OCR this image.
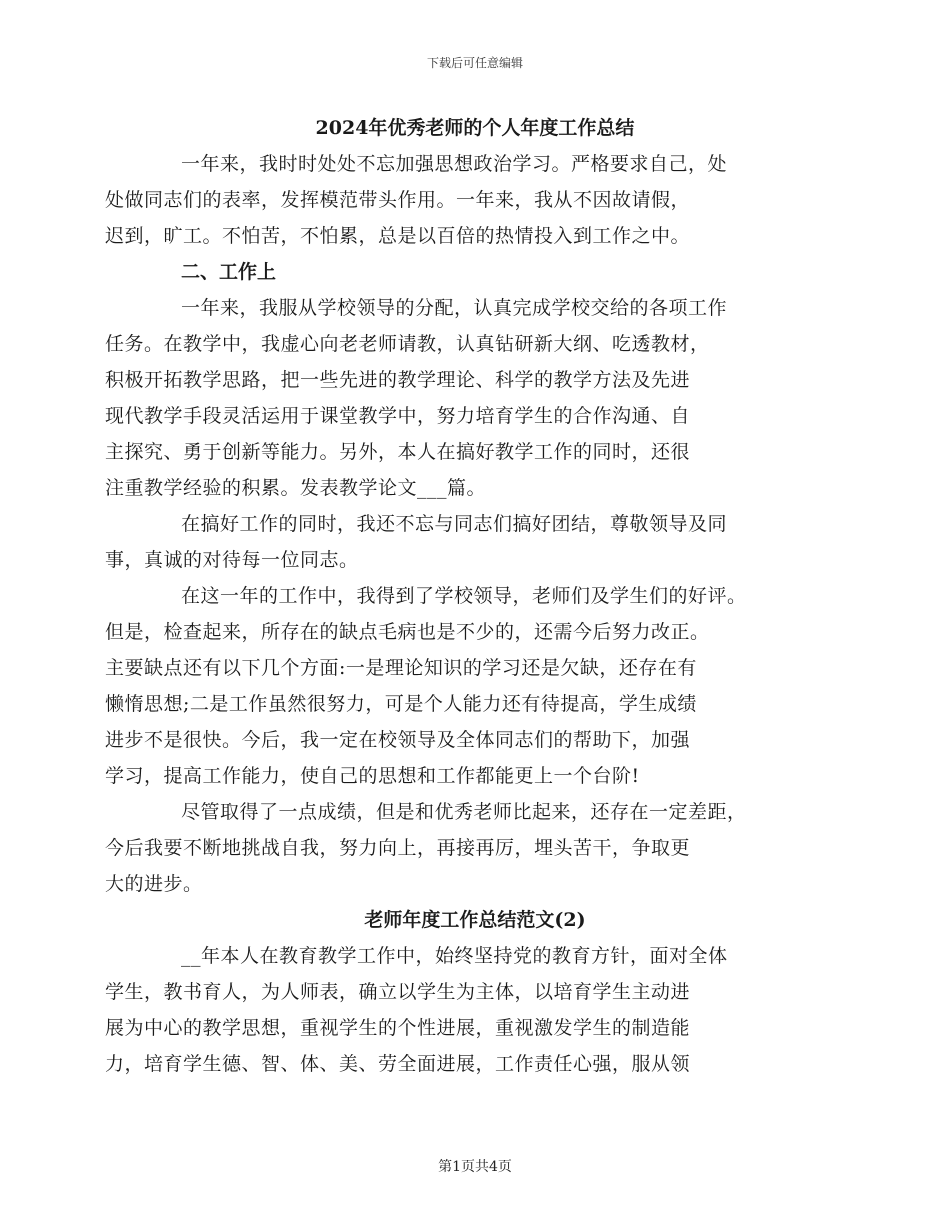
下载后可任意编辑
2024年优秀老师的个人年度工作总结
一年来，我时时处处不忘加强思想政治学习。严格要求自己，处
处做同志们的表率，发挥模范带头作用。一年来，我从不因故请假，
迟到，旷工。不怕苦，不怕累，总是以百倍的热情投入到工作之中。
二、工作上
一年来，我服从学校领导的分配，认真完成学校交给的各项工作
任务。在教学中，我虚心向老老师请教，认真钻研新大纲、吃透教材，
积极开拓教学思路，把一些先进的教学理论、科学的教学方法及先进
现代教学手段灵活运用于课堂教学中，努力培育学生的合作沟通、自
主探究、勇于创新等能力。另外，本人在搞好教学工作的同时，还很
注重教学经验的积累。发表教学论文___篇。
在搞好工作的同时，我还不忘与同志们搞好团结，尊敬领导及同
事，真诚的对待每一位同志。
在这一年的工作中，我得到了学校领导，老师们及学生们的好评。
但是，检查起来，所存在的缺点毛病也是不少的，还需今后努力改正。
主要缺点还有以下几个方面:一是理论知识的学习还是欠缺，还存在有
懒惰思想;二是工作虽然很努力，可是个人能力还有待提高，学生成绩
进步不是很快。今后，我一定在校领导及全体同志们的帮助下，加强
学习，提高工作能力，使自己的思想和工作都能更上一个台阶!
尽管取得了一点成绩，但是和优秀老师比起来，还存在一定差距，
今后我要不断地挑战自我，努力向上，再接再厉，埋头苦干，争取更
大的进步。
老师年度工作总结范文(2)
__年本人在教育教学工作中，始终坚持党的教育方针，面对全体
学生，教书育人，为人师表，确立以学生为主体，以培育学生主动进
展为中心的教学思想，重视学生的个性进展，重视激发学生的制造能
力，培育学生德、智、体、美、劳全面进展，工作责任心强，服从领
第1页共4页
